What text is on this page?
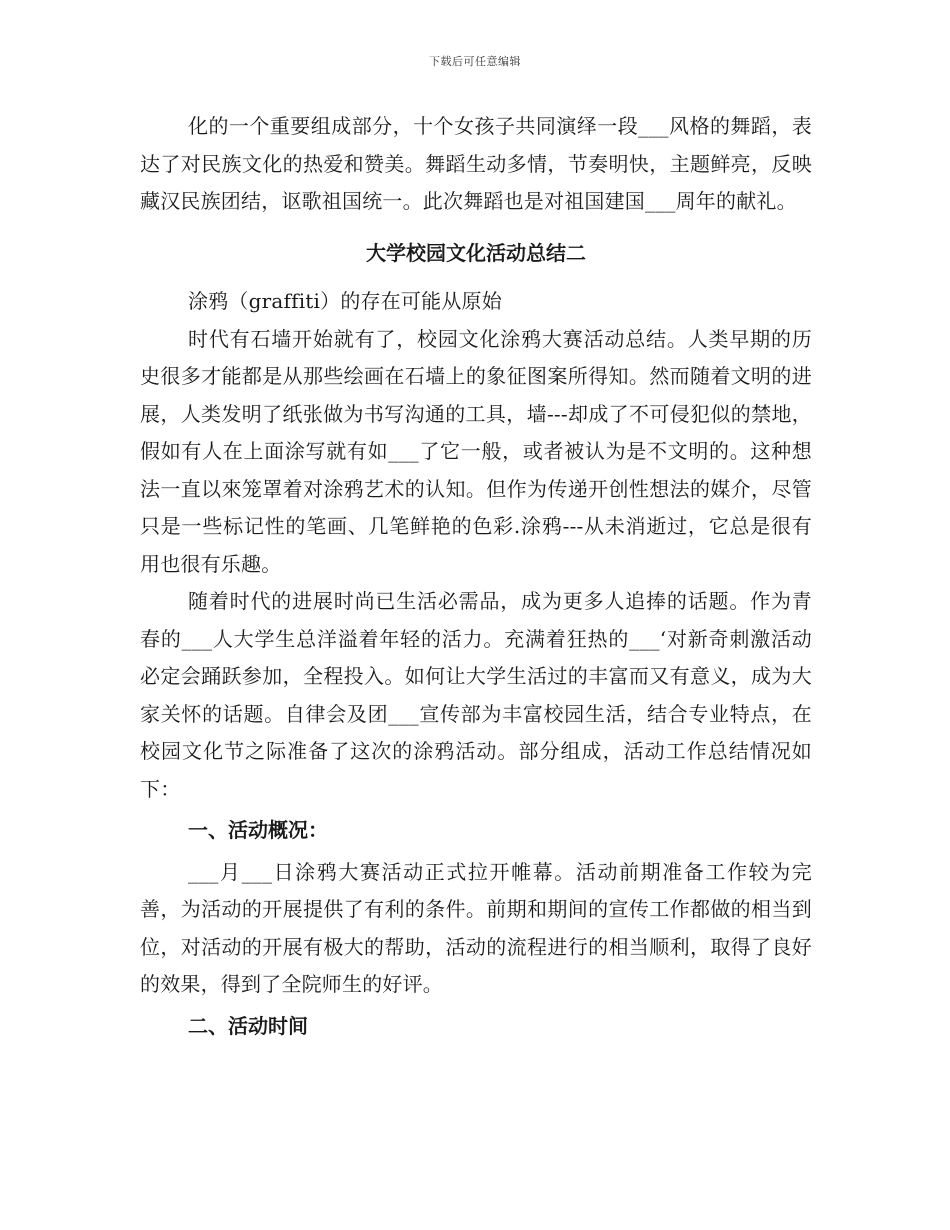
下载后可任意编辑

化的一个重要组成部分，十个女孩子共同演绎一段___风格的舞蹈，表达了对民族文化的热爱和赞美。舞蹈生动多情，节奏明快，主题鲜亮，反映藏汉民族团结，讴歌祖国统一。此次舞蹈也是对祖国建国___周年的献礼。

大学校园文化活动总结二

涂鸦（graffiti）的存在可能从原始

时代有石墙开始就有了，校园文化涂鸦大赛活动总结。人类早期的历史很多才能都是从那些绘画在石墙上的象征图案所得知。然而随着文明的进展，人类发明了纸张做为书写沟通的工具，墙---却成了不可侵犯似的禁地，假如有人在上面涂写就有如___了它一般，或者被认为是不文明的。这种想法一直以來笼罩着对涂鸦艺术的认知。但作为传递开创性想法的媒介，尽管只是一些标记性的笔画、几笔鲜艳的色彩.涂鸦---从未消逝过，它总是很有用也很有乐趣。

随着时代的进展时尚已生活必需品，成为更多人追捧的话题。作为青春的___人大学生总洋溢着年轻的活力。充满着狂热的___‘对新奇刺激活动必定会踊跃参加，全程投入。如何让大学生活过的丰富而又有意义，成为大家关怀的话题。自律会及团___宣传部为丰富校园生活，结合专业特点，在校园文化节之际准备了这次的涂鸦活动。部分组成，活动工作总结情况如下：

一、活动概况：

___月___日涂鸦大赛活动正式拉开帷幕。活动前期准备工作较为完善，为活动的开展提供了有利的条件。前期和期间的宣传工作都做的相当到位，对活动的开展有极大的帮助，活动的流程进行的相当顺利，取得了良好的效果，得到了全院师生的好评。

二、活动时间
